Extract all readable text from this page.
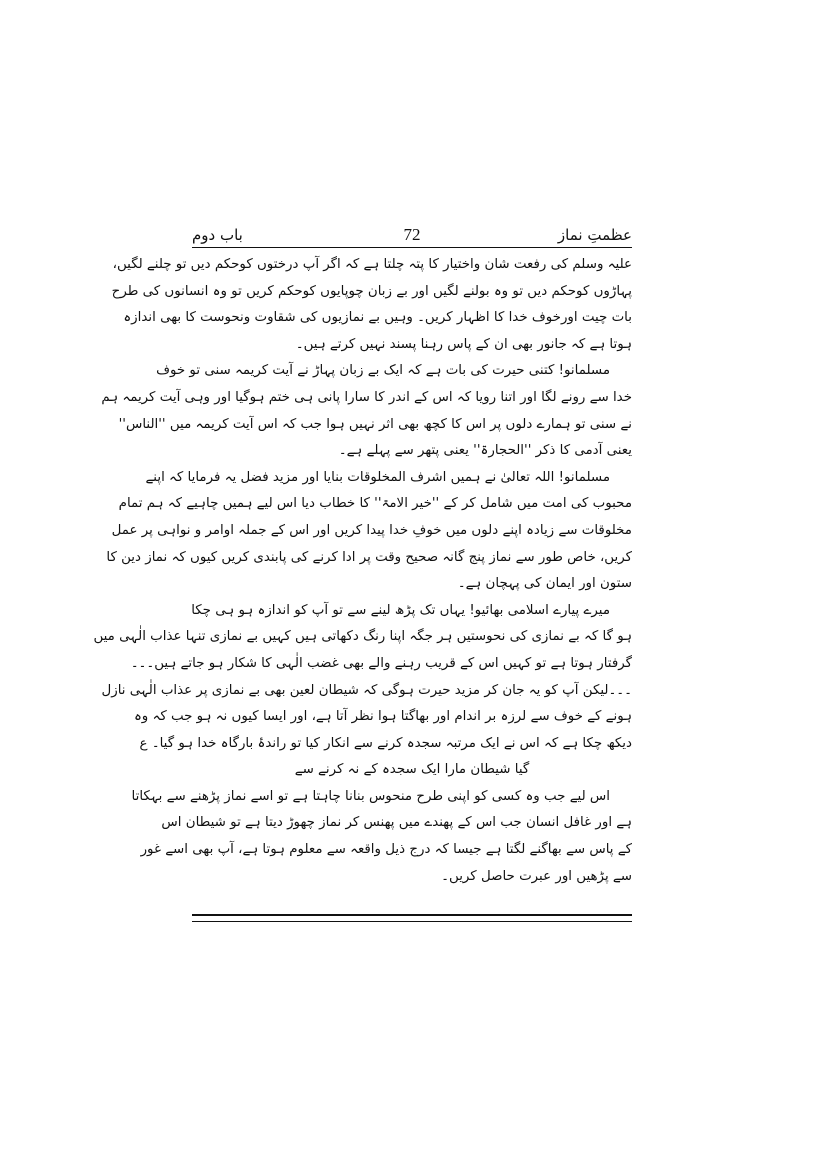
عظمتِ نماز
72
باب دوم
علیہ وسلم کی رفعت شان واختیار کا پتہ چلتا ہے کہ اگر آپ درختوں کوحکم دیں تو چلنے لگیں،
پہاڑوں کوحکم دیں تو وہ بولنے لگیں اور بے زبان چوپایوں کوحکم کریں تو وہ انسانوں کی طرح
بات چیت اورخوف خدا کا اظہار کریں۔ وہیں بے نمازیوں کی شقاوت ونحوست کا بھی اندازہ
ہوتا ہے کہ جانور بھی ان کے پاس رہنا پسند نہیں کرتے ہیں۔
مسلمانو! کتنی حیرت کی بات ہے کہ ایک بے زبان پہاڑ نے آیت کریمہ سنی تو خوف
خدا سے رونے لگا اور اتنا رویا کہ اس کے اندر کا سارا پانی ہی ختم ہوگیا اور وہی آیت کریمہ ہم
نے سنی تو ہمارے دلوں پر اس کا کچھ بھی اثر نہیں ہوا جب کہ اس آیت کریمہ میں ''الناس''
یعنی آدمی کا ذکر ''الحجارۃ'' یعنی پتھر سے پہلے ہے۔
مسلمانو! اللہ تعالیٰ نے ہمیں اشرف المخلوقات بنایا اور مزید فضل یہ فرمایا کہ اپنے
محبوب کی امت میں شامل کر کے ''خیر الامۃ'' کا خطاب دیا اس لیے ہمیں چاہیے کہ ہم تمام
مخلوقات سے زیادہ اپنے دلوں میں خوفِ خدا پیدا کریں اور اس کے جملہ اوامر و نواہی پر عمل
کریں، خاص طور سے نماز پنج گانہ صحیح وقت پر ادا کرنے کی پابندی کریں کیوں کہ نماز دین کا
ستون اور ایمان کی پہچان ہے۔
میرے پیارے اسلامی بھائیو! یہاں تک پڑھ لینے سے تو آپ کو اندازہ ہو ہی چکا
ہو گا کہ بے نمازی کی نحوستیں ہر جگہ اپنا رنگ دکھاتی ہیں کہیں بے نمازی تنہا عذاب الٰہی میں
گرفتار ہوتا ہے تو کہیں اس کے قریب رہنے والے بھی غضب الٰہی کا شکار ہو جاتے ہیں۔۔۔
۔۔۔لیکن آپ کو یہ جان کر مزید حیرت ہوگی کہ شیطان لعین بھی بے نمازی پر عذاب الٰہی نازل
ہونے کے خوف سے لرزہ بر اندام اور بھاگتا ہوا نظر آتا ہے، اور ایسا کیوں نہ ہو جب کہ وہ
دیکھ چکا ہے کہ اس نے ایک مرتبہ سجدہ کرنے سے انکار کیا تو راندۂ بارگاہ خدا ہو گیا۔ ع
گیا شیطان مارا ایک سجدہ کے نہ کرنے سے
اس لیے جب وہ کسی کو اپنی طرح منحوس بنانا چاہتا ہے تو اسے نماز پڑھنے سے بہکاتا
ہے اور غافل انسان جب اس کے پھندے میں پھنس کر نماز چھوڑ دیتا ہے تو شیطان اس
کے پاس سے بھاگنے لگتا ہے جیسا کہ درج ذیل واقعہ سے معلوم ہوتا ہے، آپ بھی اسے غور
سے پڑھیں اور عبرت حاصل کریں۔
